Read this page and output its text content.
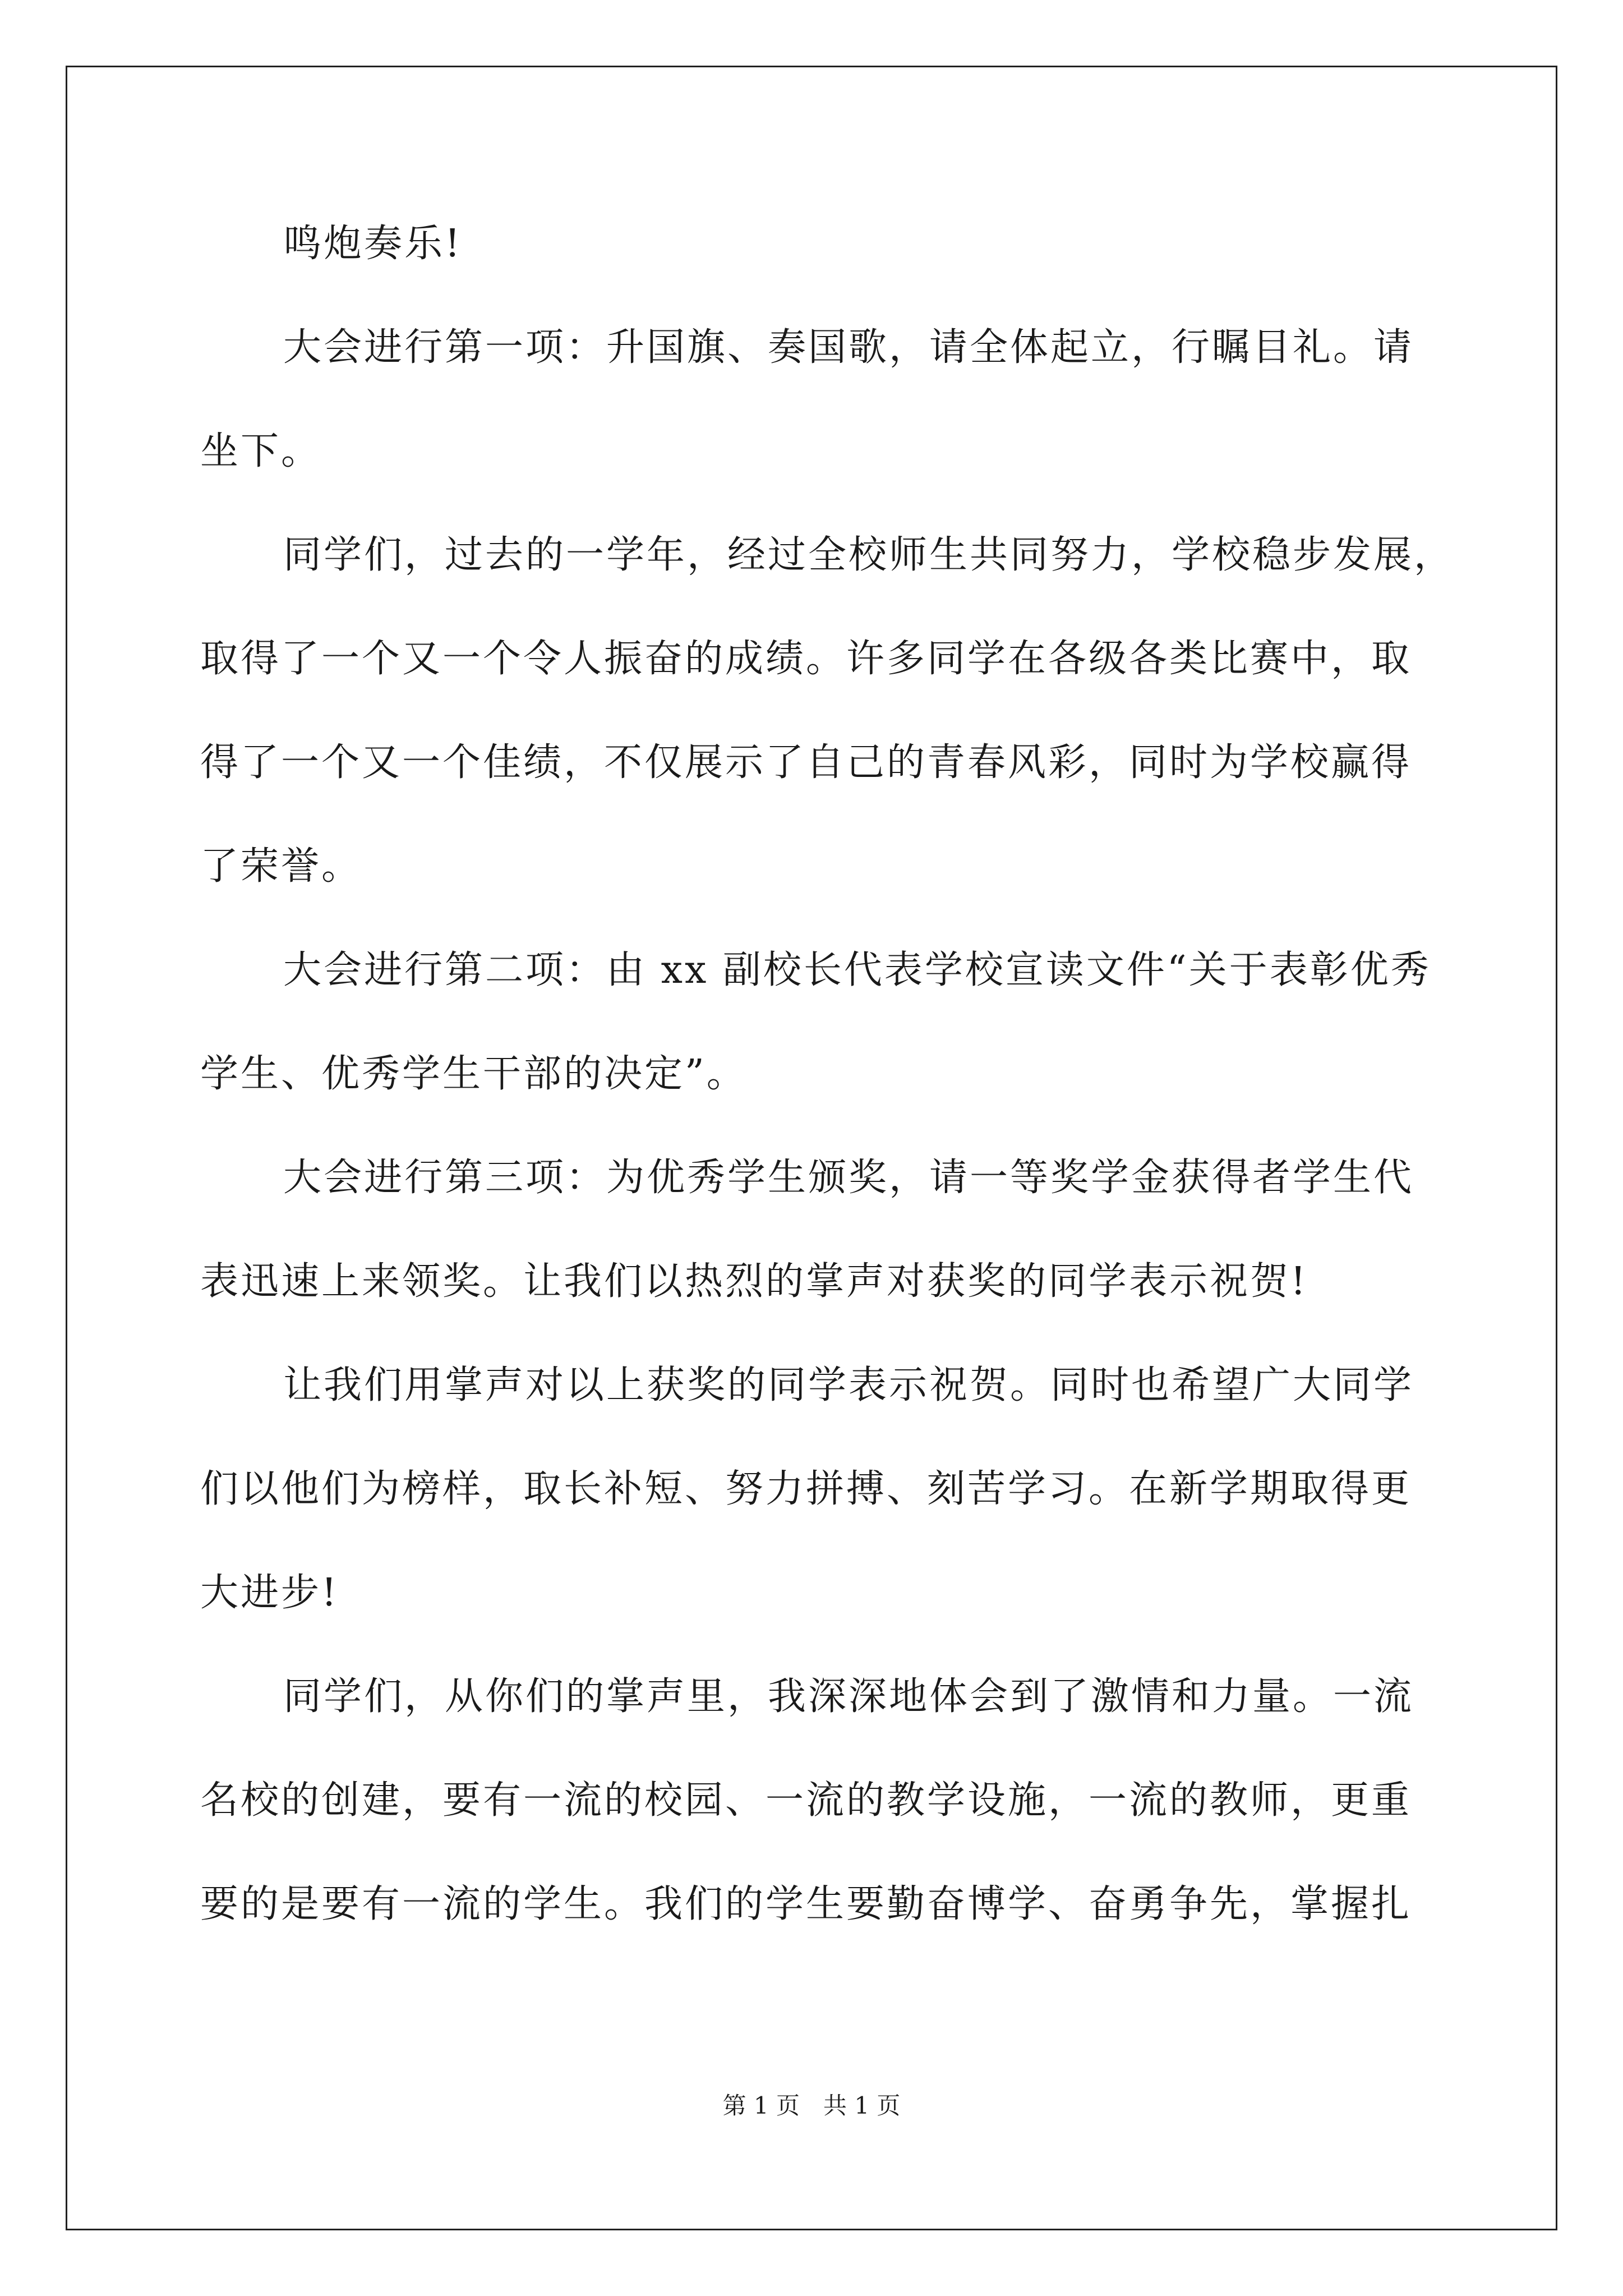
鸣炮奏乐!
大会进行第一项：升国旗、奏国歌，请全体起立，行瞩目礼。请
坐下。
同学们，过去的一学年，经过全校师生共同努力，学校稳步发展，
取得了一个又一个令人振奋的成绩。许多同学在各级各类比赛中，取
得了一个又一个佳绩，不仅展示了自己的青春风彩，同时为学校赢得
了荣誉。
大会进行第二项：由 xx 副校长代表学校宣读文件“关于表彰优秀
学生、优秀学生干部的决定”。
大会进行第三项：为优秀学生颁奖，请一等奖学金获得者学生代
表迅速上来领奖。让我们以热烈的掌声对获奖的同学表示祝贺!
让我们用掌声对以上获奖的同学表示祝贺。同时也希望广大同学
们以他们为榜样，取长补短、努力拼搏、刻苦学习。在新学期取得更
大进步!
同学们，从你们的掌声里，我深深地体会到了激情和力量。一流
名校的创建，要有一流的校园、一流的教学设施，一流的教师，更重
要的是要有一流的学生。我们的学生要勤奋博学、奋勇争先，掌握扎
第 1 页　共 1 页
